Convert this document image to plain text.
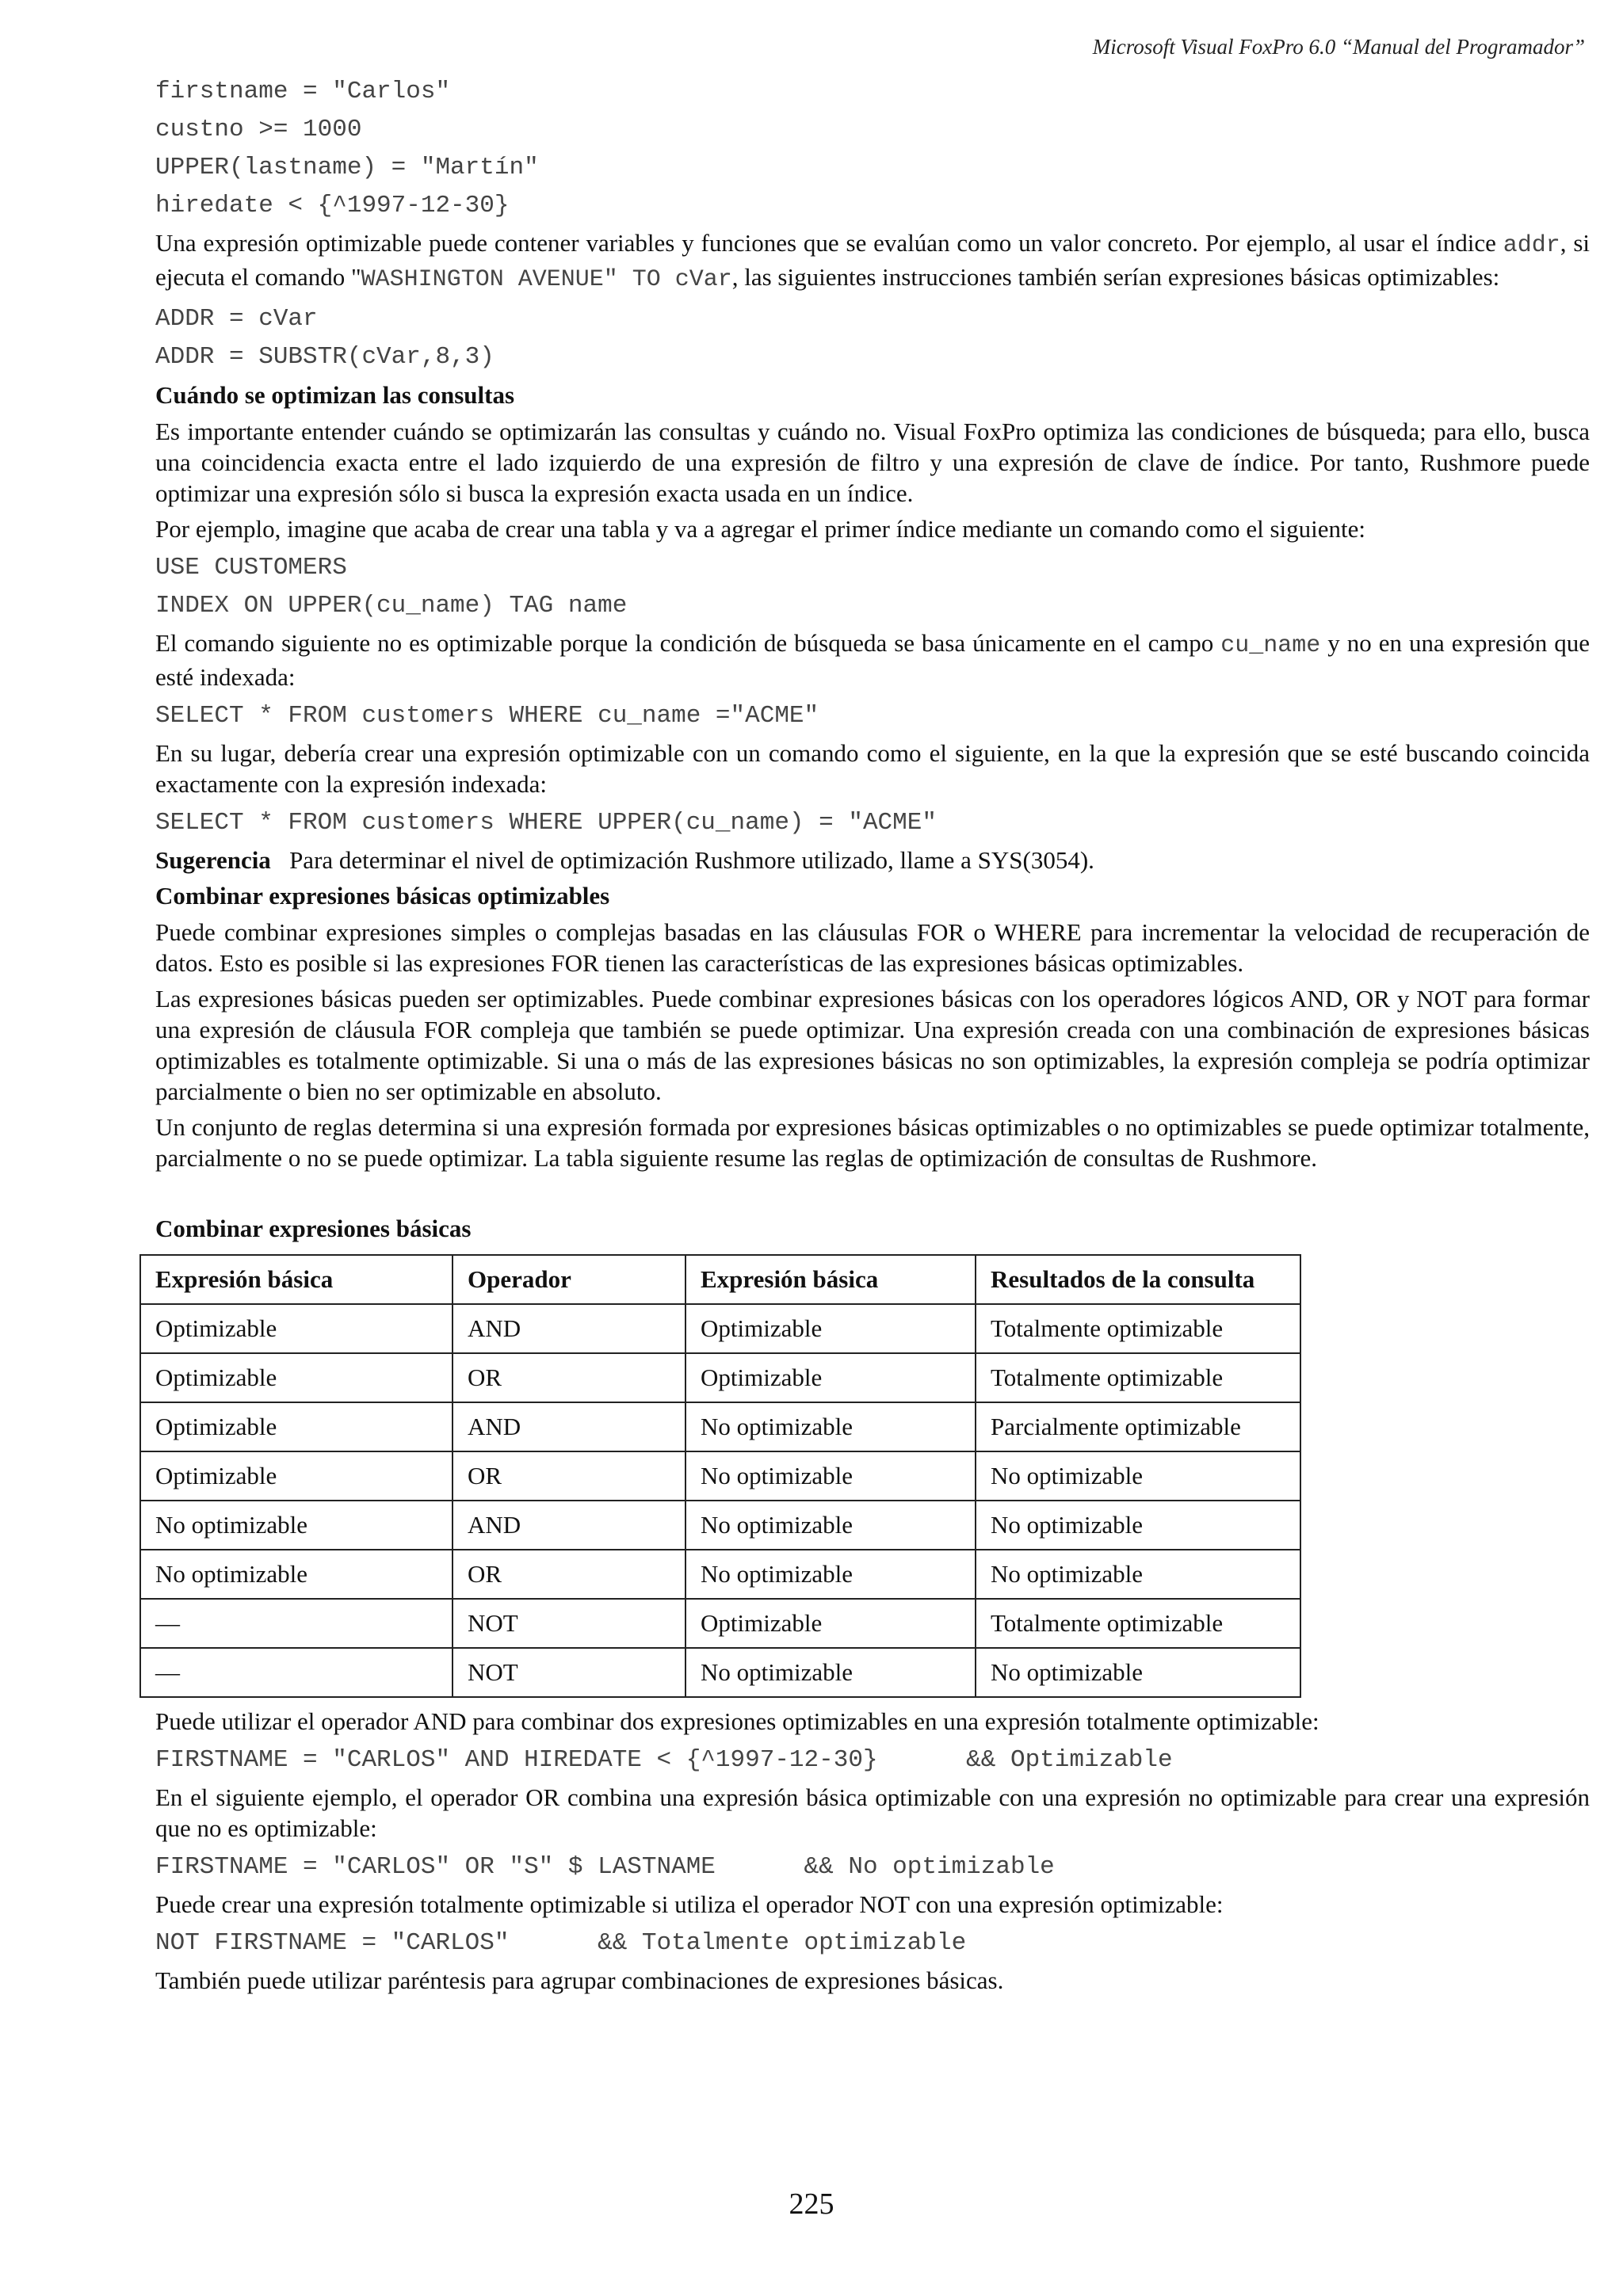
Microsoft Visual FoxPro 6.0 “Manual del Programador”
firstname = "Carlos"
custno >= 1000
UPPER(lastname) = "Martín"
hiredate < {^1997-12-30}

Una expresión optimizable puede contener variables y funciones que se evalúan como un valor concreto. Por ejemplo, al usar el índice addr, si ejecuta el comando "WASHINGTON AVENUE" TO cVar, las siguientes instrucciones también serían expresiones básicas optimizables:

ADDR = cVar
ADDR = SUBSTR(cVar,8,3)
Cuándo se optimizan las consultas

Es importante entender cuándo se optimizarán las consultas y cuándo no. Visual FoxPro optimiza las condiciones de búsqueda; para ello, busca una coincidencia exacta entre el lado izquierdo de una expresión de filtro y una expresión de clave de índice. Por tanto, Rushmore puede optimizar una expresión sólo si busca la expresión exacta usada en un índice.

Por ejemplo, imagine que acaba de crear una tabla y va a agregar el primer índice mediante un comando como el siguiente:

USE CUSTOMERS
INDEX ON UPPER(cu_name) TAG name

El comando siguiente no es optimizable porque la condición de búsqueda se basa únicamente en el campo cu_name y no en una expresión que esté indexada:

SELECT * FROM customers WHERE cu_name ="ACME"

En su lugar, debería crear una expresión optimizable con un comando como el siguiente, en la que la expresión que se esté buscando coincida exactamente con la expresión indexada:

SELECT * FROM customers WHERE UPPER(cu_name) = "ACME"

Sugerencia Para determinar el nivel de optimización Rushmore utilizado, llame a SYS(3054).

Combinar expresiones básicas optimizables

Puede combinar expresiones simples o complejas basadas en las cláusulas FOR o WHERE para incrementar la velocidad de recuperación de datos. Esto es posible si las expresiones FOR tienen las características de las expresiones básicas optimizables.

Las expresiones básicas pueden ser optimizables. Puede combinar expresiones básicas con los operadores lógicos AND, OR y NOT para formar una expresión de cláusula FOR compleja que también se puede optimizar. Una expresión creada con una combinación de expresiones básicas optimizables es totalmente optimizable. Si una o más de las expresiones básicas no son optimizables, la expresión compleja se podría optimizar parcialmente o bien no ser optimizable en absoluto.

Un conjunto de reglas determina si una expresión formada por expresiones básicas optimizables o no optimizables se puede optimizar totalmente, parcialmente o no se puede optimizar. La tabla siguiente resume las reglas de optimización de consultas de Rushmore.

Combinar expresiones básicas
Expresión básica	Operador	Expresión básica	Resultados de la consulta
Optimizable	AND	Optimizable	Totalmente optimizable
Optimizable	OR	Optimizable	Totalmente optimizable
Optimizable	AND	No optimizable	Parcialmente optimizable
Optimizable	OR	No optimizable	No optimizable
No optimizable	AND	No optimizable	No optimizable
No optimizable	OR	No optimizable	No optimizable
—	NOT	Optimizable	Totalmente optimizable
—	NOT	No optimizable	No optimizable

Puede utilizar el operador AND para combinar dos expresiones optimizables en una expresión totalmente optimizable:

FIRSTNAME = "CARLOS" AND HIREDATE < {^1997-12-30}      && Optimizable

En el siguiente ejemplo, el operador OR combina una expresión básica optimizable con una expresión no optimizable para crear una expresión que no es optimizable:

FIRSTNAME = "CARLOS" OR "S" $ LASTNAME      && No optimizable

Puede crear una expresión totalmente optimizable si utiliza el operador NOT con una expresión optimizable:

NOT FIRSTNAME = "CARLOS"      && Totalmente optimizable

También puede utilizar paréntesis para agrupar combinaciones de expresiones básicas.

225
